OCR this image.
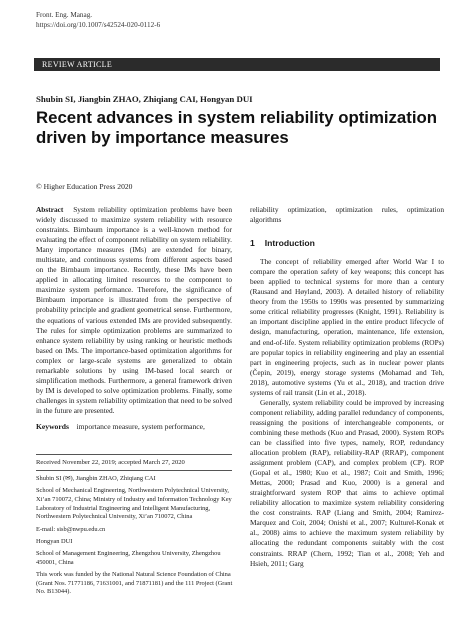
Front. Eng. Manag.
https://doi.org/10.1007/s42524-020-0112-6
REVIEW ARTICLE
Shubin SI, Jiangbin ZHAO, Zhiqiang CAI, Hongyan DUI
Recent advances in system reliability optimization driven by importance measures
© Higher Education Press 2020
Abstract System reliability optimization problems have been widely discussed to maximize system reliability with resource constraints. Birnbaum importance is a well-known method for evaluating the effect of component reliability on system reliability. Many importance measures (IMs) are extended for binary, multistate, and continuous systems from different aspects based on the Birnbaum importance. Recently, these IMs have been applied in allocating limited resources to the component to maximize system performance. Therefore, the significance of Birnbaum importance is illustrated from the perspective of probability principle and gradient geometrical sense. Furthermore, the equations of various extended IMs are provided subsequently. The rules for simple optimization problems are summarized to enhance system reliability by using ranking or heuristic methods based on IMs. The importance-based optimization algorithms for complex or large-scale systems are generalized to obtain remarkable solutions by using IM-based local search or simplification methods. Furthermore, a general framework driven by IM is developed to solve optimization problems. Finally, some challenges in system reliability optimization that need to be solved in the future are presented.
Keywords importance measure, system performance,
Received November 22, 2019; accepted March 27, 2020

Shubin SI (✉), Jiangbin ZHAO, Zhiqiang CAI

School of Mechanical Engineering, Northwestern Polytechnical University, Xi’an 710072, China; Ministry of Industry and Information Technology Key Laboratory of Industrial Engineering and Intelligent Manufacturing, Northwestern Polytechnical University, Xi’an 710072, China

E-mail: sisb@nwpu.edu.cn

Hongyan DUI

School of Management Engineering, Zhengzhou University, Zhengzhou 450001, China

This work was funded by the National Natural Science Foundation of China (Grant Nos. 71771186, 71631001, and 71871181) and the 111 Project (Grant No. B13044).

reliability optimization, optimization rules, optimization algorithms
1 Introduction
The concept of reliability emerged after World War I to compare the operation safety of key weapons; this concept has been applied to technical systems for more than a century (Rausand and Høyland, 2003). A detailed history of reliability theory from the 1950s to 1990s was presented by summarizing some critical reliability progresses (Knight, 1991). Reliability is an important discipline applied in the entire product lifecycle of design, manufacturing, operation, maintenance, life extension, and end-of-life. System reliability optimization problems (ROPs) are popular topics in reliability engineering and play an essential part in engineering projects, such as in nuclear power plants (Čepin, 2019), energy storage systems (Mohamad and Teh, 2018), automotive systems (Yu et al., 2018), and traction drive systems of rail transit (Lin et al., 2018).
Generally, system reliability could be improved by increasing component reliability, adding parallel redundancy of components, reassigning the positions of interchangeable components, or combining these methods (Kuo and Prasad, 2000). System ROPs can be classified into five types, namely, ROP, redundancy allocation problem (RAP), reliability-RAP (RRAP), component assignment problem (CAP), and complex problem (CP). ROP (Gopal et al., 1980; Kuo et al., 1987; Coit and Smith, 1996; Mettas, 2000; Prasad and Kuo, 2000) is a general and straightforward system ROP that aims to achieve optimal reliability allocation to maximize system reliability considering the cost constraints. RAP (Liang and Smith, 2004; Ramirez-Marquez and Coit, 2004; Onishi et al., 2007; Kulturel-Konak et al., 2008) aims to achieve the maximum system reliability by allocating the redundant components suitably with the cost constraints. RRAP (Chern, 1992; Tian et al., 2008; Yeh and Hsieh, 2011; Garg
